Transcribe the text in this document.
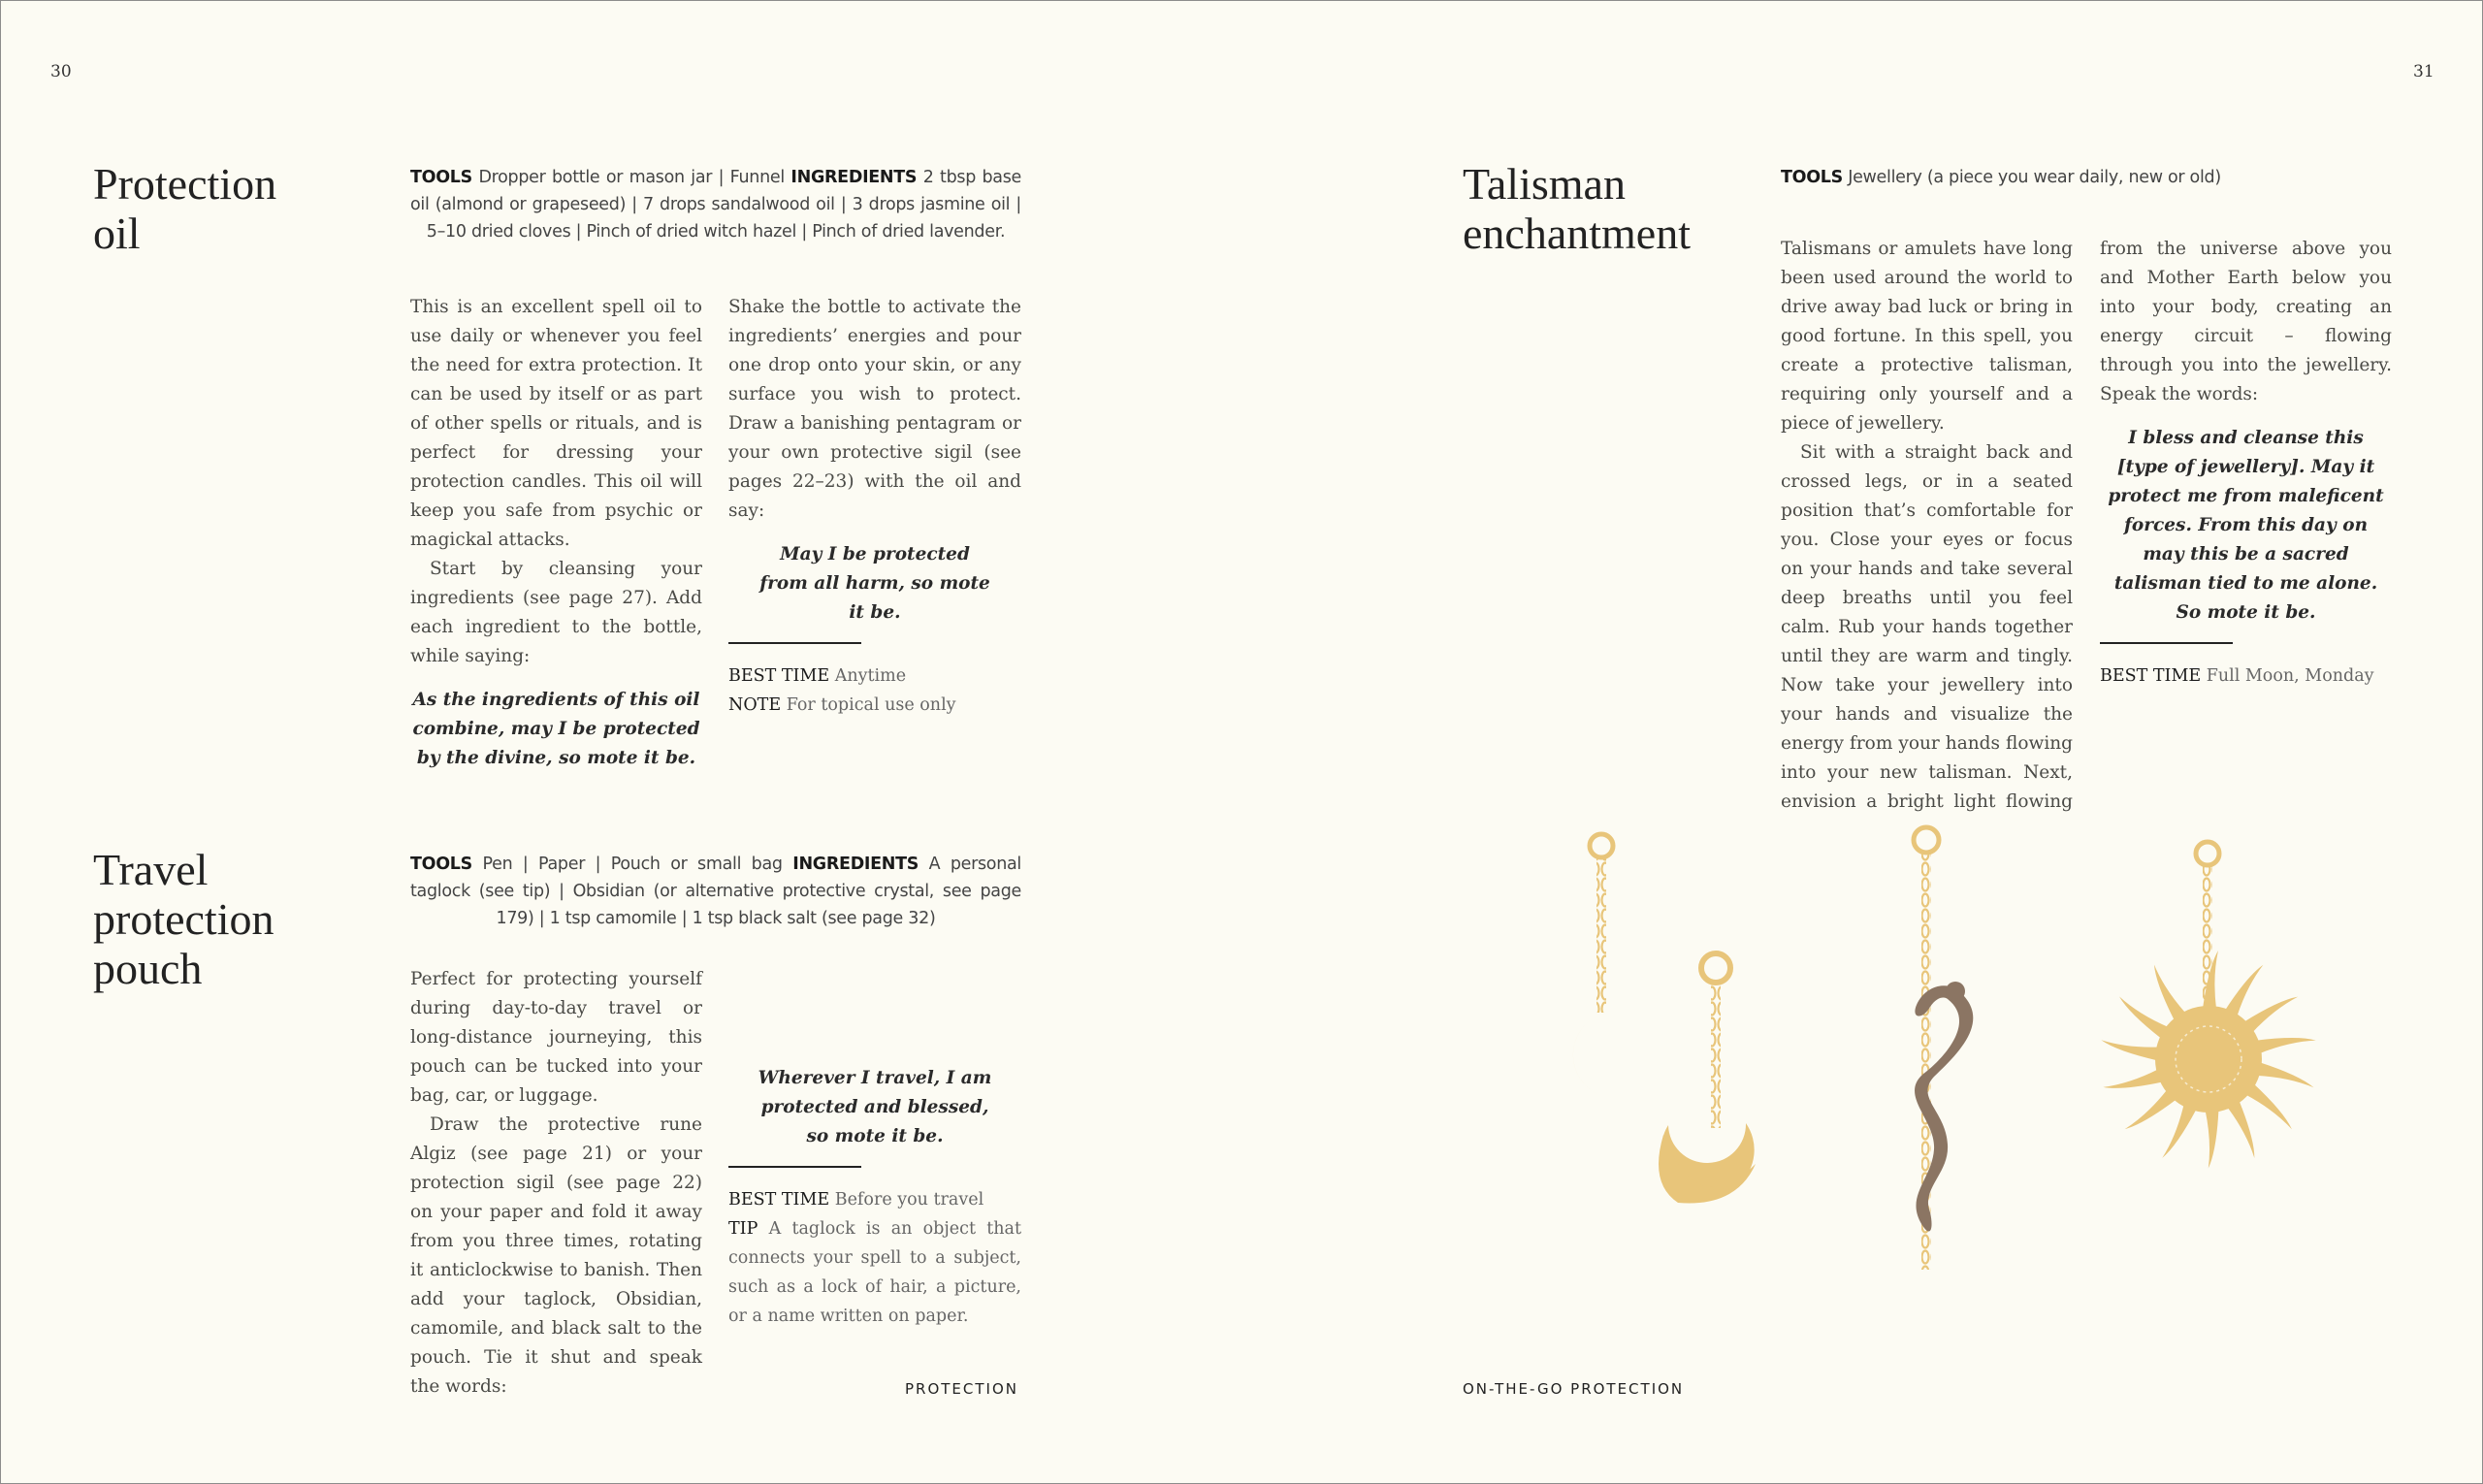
30	31
Protection
oil
TOOLS Dropper bottle or mason jar | Funnel INGREDIENTS 2 tbsp base oil (almond or grapeseed) | 7 drops sandalwood oil | 3 drops jasmine oil | 5–10 dried cloves | Pinch of dried witch hazel | Pinch of dried lavender.

This is an excellent spell oil to use daily or whenever you feel the need for extra protection. It can be used by itself or as part of other spells or rituals, and is perfect for dressing your protection candles. This oil will keep you safe from psychic or magickal attacks.

Start by cleansing your ingredients (see page 27). Add each ingredient to the bottle, while saying:

As the ingredients of this oil combine, may I be protected by the divine, so mote it be.

Shake the bottle to activate the ingredients’ energies and pour one drop onto your skin, or any surface you wish to protect. Draw a banishing pentagram or your own protective sigil (see pages 22–23) with the oil and say:

May I be protected from all harm, so mote it be.
BEST TIME Anytime
NOTE For topical use only
Travel
protection
pouch
TOOLS Pen | Paper | Pouch or small bag INGREDIENTS A personal taglock (see tip) | Obsidian (or alternative protective crystal, see page 179) | 1 tsp camomile | 1 tsp black salt (see page 32)

Perfect for protecting yourself during day-to-day travel or long-distance journeying, this pouch can be tucked into your bag, car, or luggage.

Draw the protective rune Algiz (see page 21) or your protection sigil (see page 22) on your paper and fold it away from you three times, rotating it anticlockwise to banish. Then add your taglock, Obsidian, camomile, and black salt to the pouch. Tie it shut and speak the words:

Wherever I travel, I am protected and blessed, so mote it be.
BEST TIME Before you travel
TIP A taglock is an object that connects your spell to a subject, such as a lock of hair, a picture, or a name written on paper.
Talisman
enchantment
TOOLS Jewellery (a piece you wear daily, new or old)

Talismans or amulets have long been used around the world to drive away bad luck or bring in good fortune. In this spell, you create a protective talisman, requiring only yourself and a piece of jewellery.

Sit with a straight back and crossed legs, or in a seated position that’s comfortable for you. Close your eyes or focus on your hands and take several deep breaths until you feel calm. Rub your hands together until they are warm and tingly. Now take your jewellery into your hands and visualize the energy from your hands flowing into your new talisman. Next, envision a bright light flowing from the universe above you and Mother Earth below you into your body, creating an energy circuit – flowing through you into the jewellery. Speak the words:

I bless and cleanse this [type of jewellery]. May it protect me from maleficent forces. From this day on may this be a sacred talisman tied to me alone. So mote it be.
BEST TIME Full Moon, Monday
PROTECTION	ON-THE-GO PROTECTION
